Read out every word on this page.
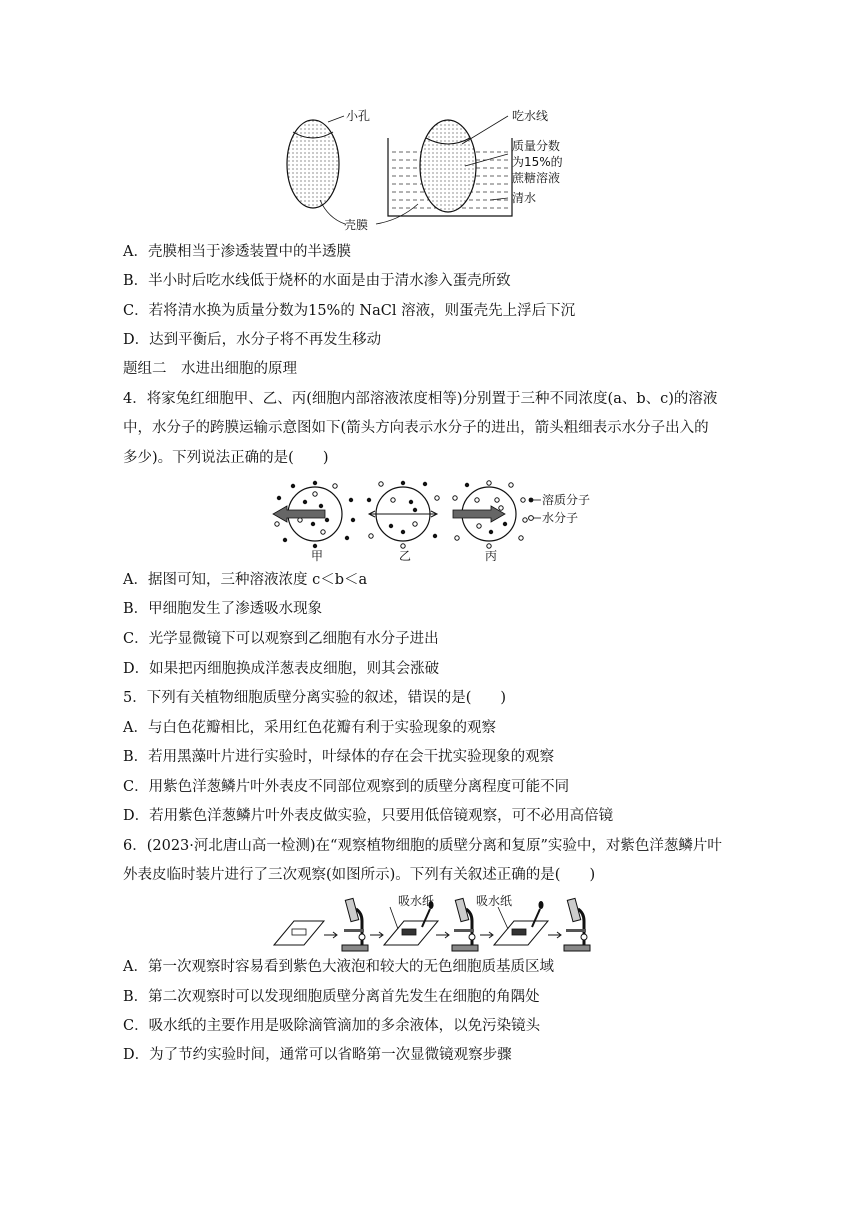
小孔
壳膜
吃水线
质量分数
为15%的
蔗糖溶液
清水
A．壳膜相当于渗透装置中的半透膜
B．半小时后吃水线低于烧杯的水面是由于清水渗入蛋壳所致
C．若将清水换为质量分数为15%的 NaCl 溶液，则蛋壳先上浮后下沉
D．达到平衡后，水分子将不再发生移动
题组二　水进出细胞的原理
4．将家兔红细胞甲、乙、丙(细胞内部溶液浓度相等)分别置于三种不同浓度(a、b、c)的溶液
中，水分子的跨膜运输示意图如下(箭头方向表示水分子的进出，箭头粗细表示水分子出入的
多少)。下列说法正确的是(　　)
甲	乙	丙
溶质分子
水分子
A．据图可知，三种溶液浓度 c＜b＜a
B．甲细胞发生了渗透吸水现象
C．光学显微镜下可以观察到乙细胞有水分子进出
D．如果把丙细胞换成洋葱表皮细胞，则其会涨破
5．下列有关植物细胞质壁分离实验的叙述，错误的是(　　)
A．与白色花瓣相比，采用红色花瓣有利于实验现象的观察
B．若用黑藻叶片进行实验时，叶绿体的存在会干扰实验现象的观察
C．用紫色洋葱鳞片叶外表皮不同部位观察到的质壁分离程度可能不同
D．若用紫色洋葱鳞片叶外表皮做实验，只要用低倍镜观察，可不必用高倍镜
6．(2023·河北唐山高一检测)在“观察植物细胞的质壁分离和复原”实验中，对紫色洋葱鳞片叶
外表皮临时装片进行了三次观察(如图所示)。下列有关叙述正确的是(　　)
吸水纸	吸水纸
A．第一次观察时容易看到紫色大液泡和较大的无色细胞质基质区域
B．第二次观察时可以发现细胞质壁分离首先发生在细胞的角隅处
C．吸水纸的主要作用是吸除滴管滴加的多余液体，以免污染镜头
D．为了节约实验时间，通常可以省略第一次显微镜观察步骤
